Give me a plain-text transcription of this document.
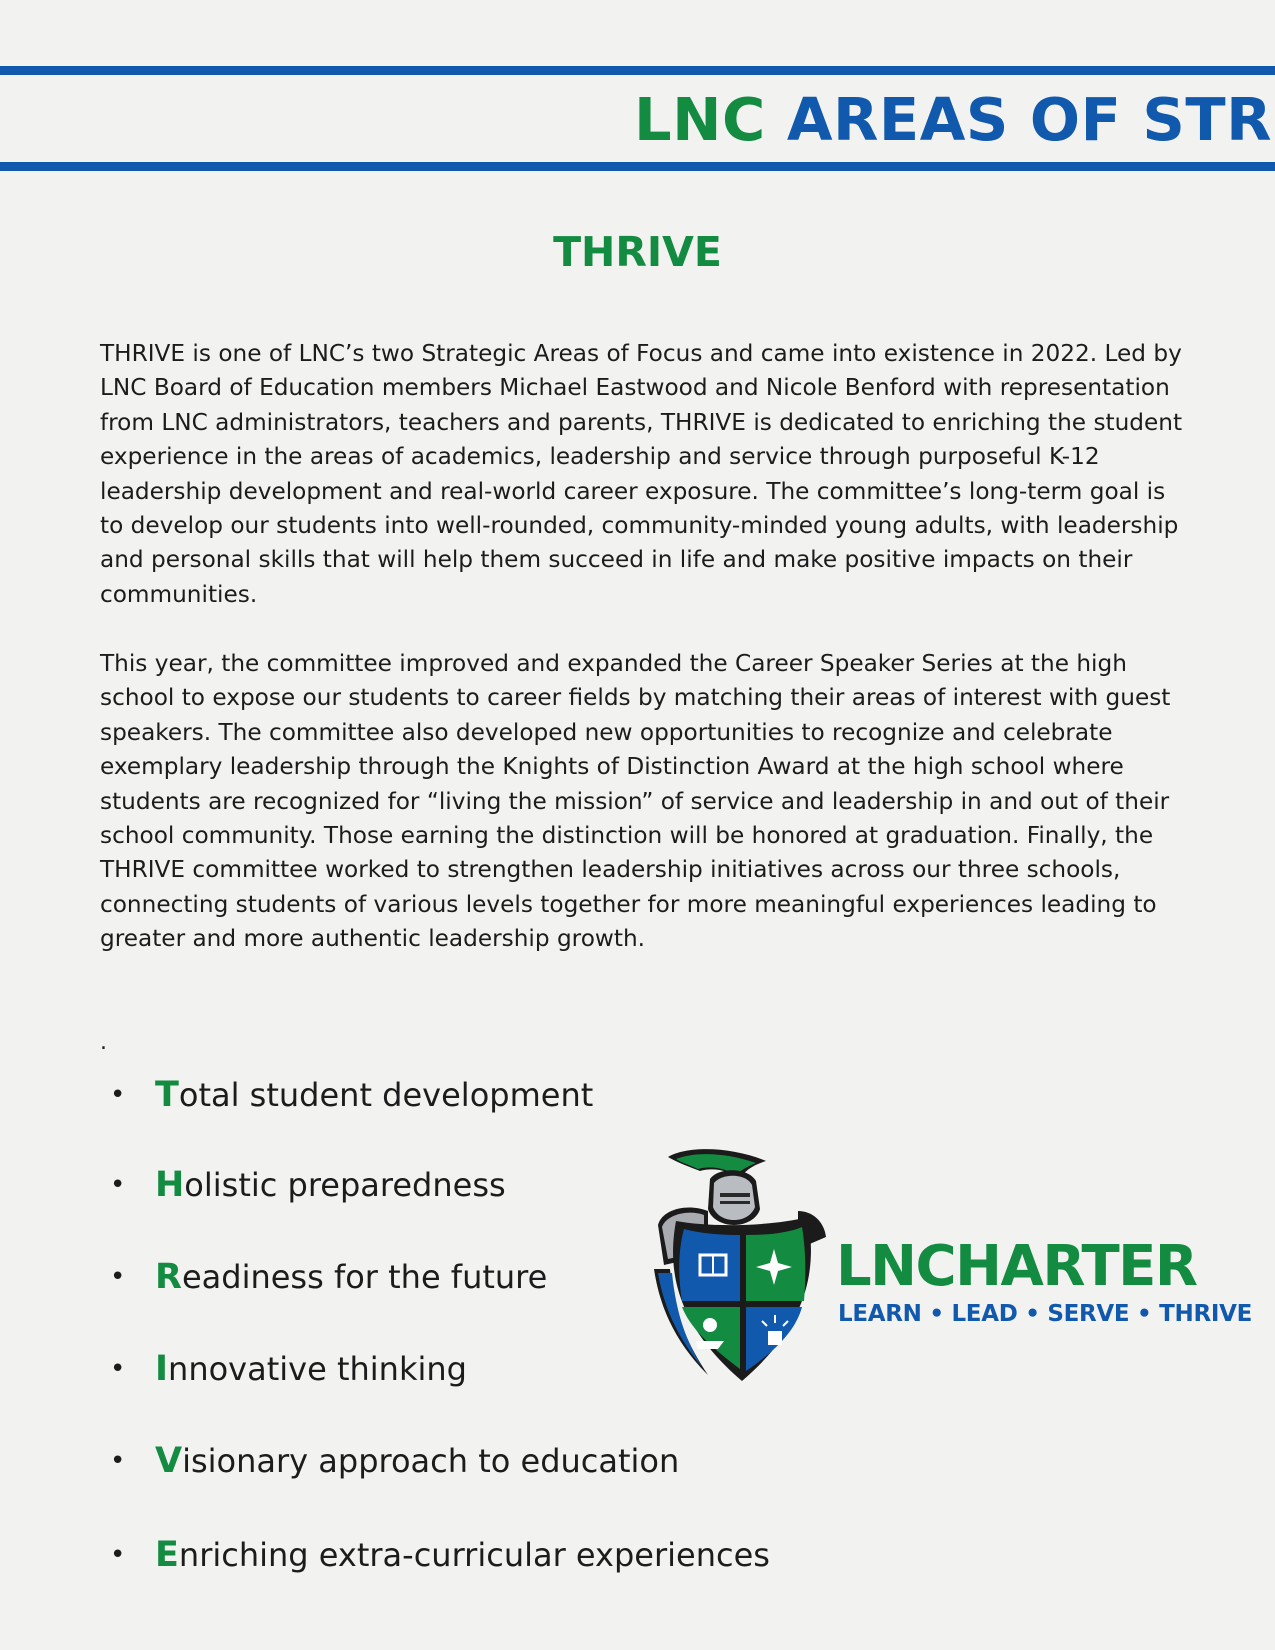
LNC AREAS OF STR
THRIVE

THRIVE is one of LNC’s two Strategic Areas of Focus and came into existence in 2022. Led by LNC Board of Education members Michael Eastwood and Nicole Benford with representation from LNC administrators, teachers and parents, THRIVE is dedicated to enriching the student experience in the areas of academics, leadership and service through purposeful K-12 leadership development and real-world career exposure. The committee’s long-term goal is to develop our students into well-rounded, community-minded young adults, with leadership and personal skills that will help them succeed in life and make positive impacts on their communities.

This year, the committee improved and expanded the Career Speaker Series at the high school to expose our students to career fields by matching their areas of interest with guest speakers. The committee also developed new opportunities to recognize and celebrate exemplary leadership through the Knights of Distinction Award at the high school where students are recognized for “living the mission” of service and leadership in and out of their school community. Those earning the distinction will be honored at graduation. Finally, the THRIVE committee worked to strengthen leadership initiatives across our three schools, connecting students of various levels together for more meaningful experiences leading to greater and more authentic leadership growth.

.
• Total student development
• Holistic preparedness
• Readiness for the future
• Innovative thinking
• Visionary approach to education
• Enriching extra-curricular experiences
LNCHARTER
LEARN • LEAD • SERVE • THRIVE
